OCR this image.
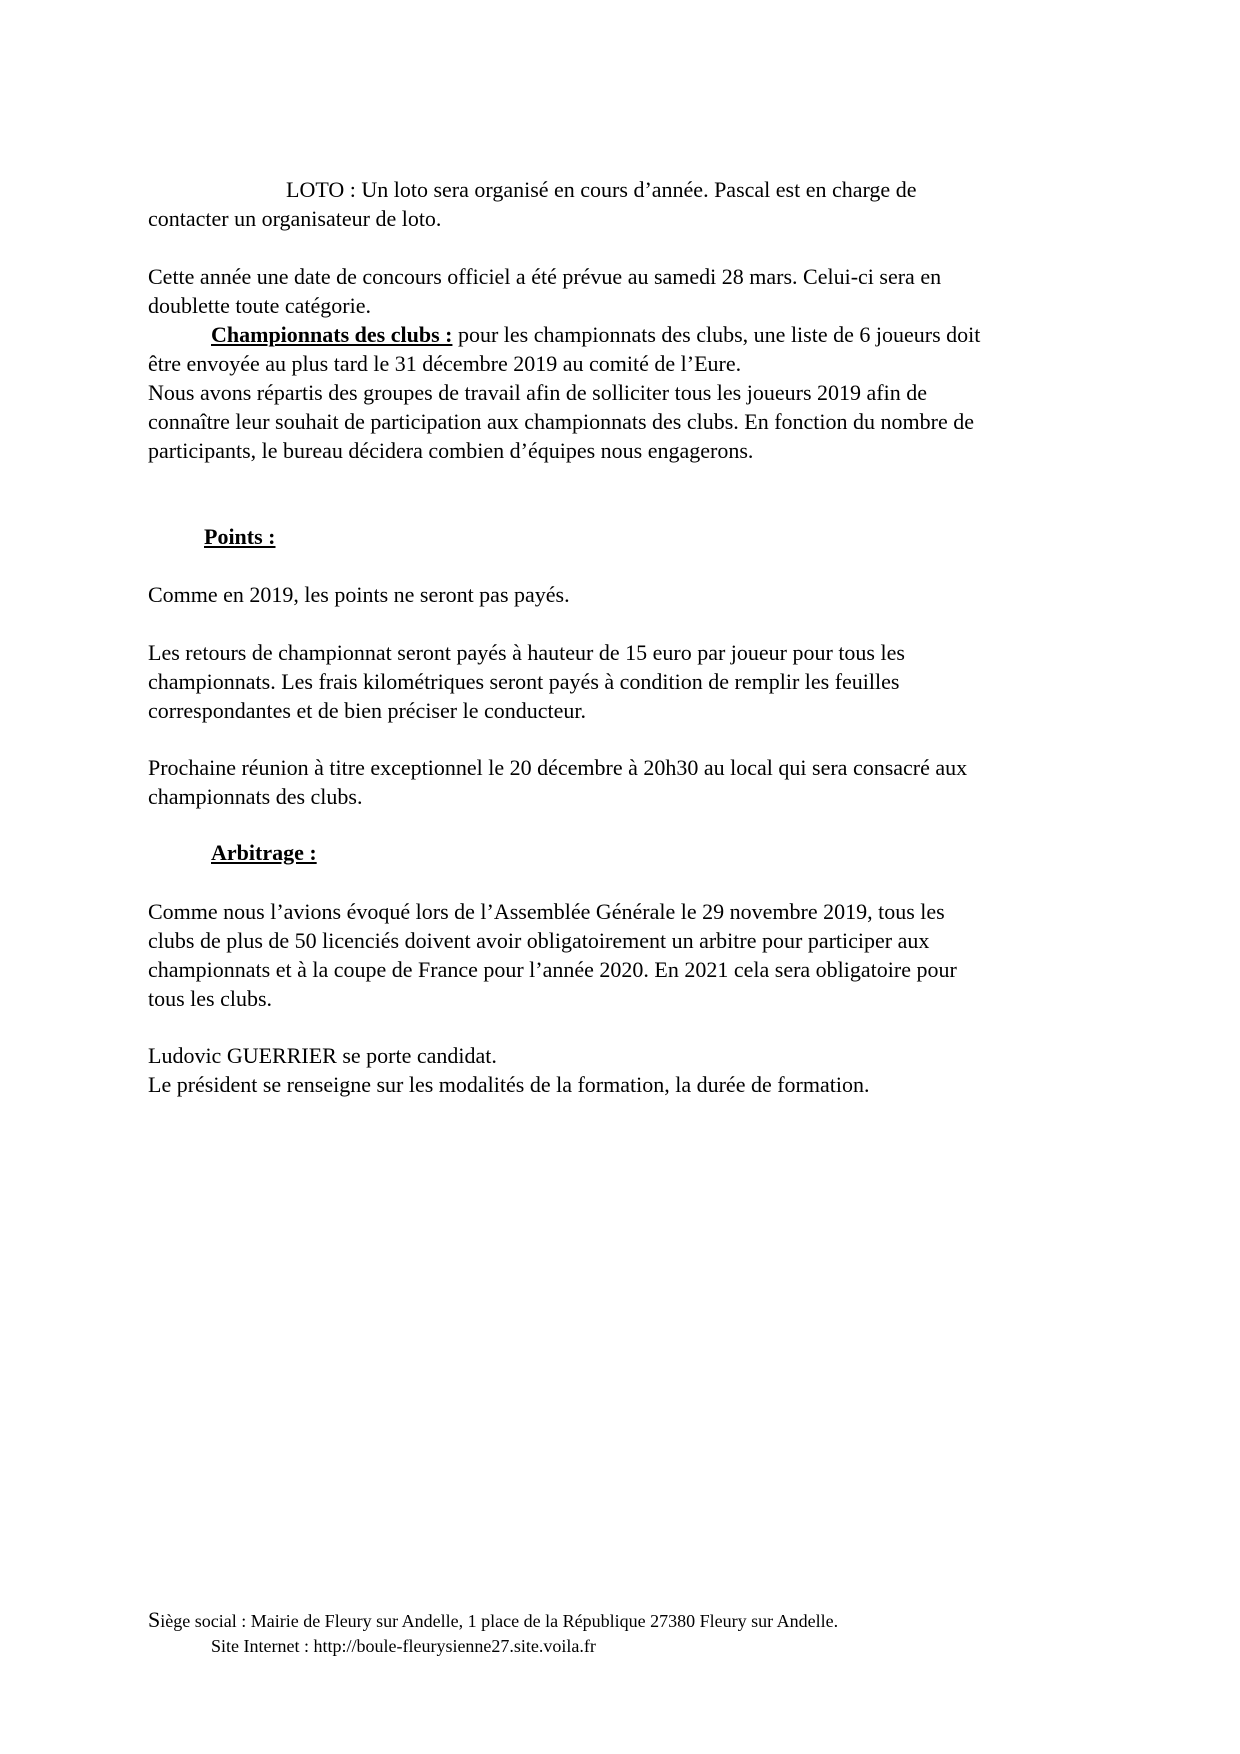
LOTO : Un loto sera organisé en cours d’année. Pascal est en charge de
contacter un organisateur de loto.

Cette année une date de concours officiel a été prévue au samedi 28 mars. Celui-ci sera en
doublette toute catégorie.

Championnats des clubs : pour les championnats des clubs, une liste de 6 joueurs doit
être envoyée au plus tard le 31 décembre 2019 au comité de l’Eure.
Nous avons répartis des groupes de travail afin de solliciter tous les joueurs 2019 afin de
connaître leur souhait de participation aux championnats des clubs. En fonction du nombre de
participants, le bureau décidera combien d’équipes nous engagerons.

Points :

Comme en 2019, les points ne seront pas payés.

Les retours de championnat seront payés à hauteur de 15 euro par joueur pour tous les
championnats. Les frais kilométriques seront payés à condition de remplir les feuilles
correspondantes et de bien préciser le conducteur.

Prochaine réunion à titre exceptionnel le 20 décembre à 20h30 au local qui sera consacré aux
championnats des clubs.

Arbitrage :

Comme nous l’avions évoqué lors de l’Assemblée Générale le 29 novembre 2019, tous les
clubs de plus de 50 licenciés doivent avoir obligatoirement un arbitre pour participer aux
championnats et à la coupe de France pour l’année 2020. En 2021 cela sera obligatoire pour
tous les clubs.

Ludovic GUERRIER se porte candidat.
Le président se renseigne sur les modalités de la formation, la durée de formation.

Siège social : Mairie de Fleury sur Andelle, 1 place de la République 27380 Fleury sur Andelle.
Site Internet : http://boule-fleurysienne27.site.voila.fr
